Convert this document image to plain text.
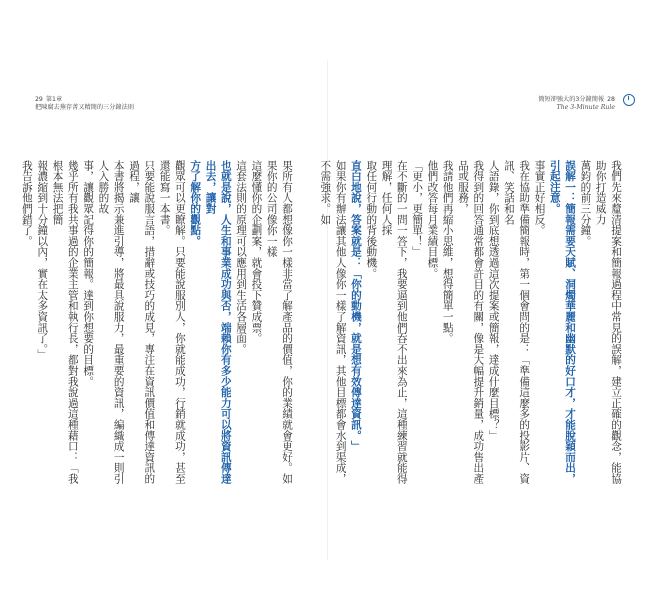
29 第1章
把陳腐去蕪存菁又精簡的三分鐘法則

果所有人都想像你一樣非當了解產品的價值，你的業績就會更好。如果你的公司像你一樣

這麼懂你的企劃案，就會投下贊成票。

這套法則的原理可以應用到生活各層面。

也就是說，人生和事業成功與否，端賴你有多少能力可以將資訊傳達出去，讓對

方了解你的觀點。

觀眾可以更瞭解。只要能說服別人，你就能成功，行銷就成功，甚至還能寫一本書。

只要能說服言語，措辭或技巧的成見，專注在資訊價值和傳達資訊的過程，讓

本書將揭示兼進引導，將最具說服力，最重要的資訊，編織成一則引人入勝的故

事，讓觀眾記得你的簡報。達到你想要的目標。

幾乎所有我共事過的企業主管和執行長，都對我說過這種藉口：「我根本無法把簡

報濃縮到十分鐘以內，實在太多資訊了。」

我告訴他們錯了。

簡短卻強大的3分鐘簡報 28
The 3-Minute Rule

我們先來釐清提案和簡報過程中常見的誤解，建立正確的觀念，能協助你打造威力

萬鈞的前三分鐘。

誤解一：簡報需要天賦、洞燭華麗和幽默的好口才，才能脫穎而出，引起注意。

事實正好相反。

我在協助準備簡報時，第一個會問的是：「準備這麼多的投影片、資訊、笑話和名

人語錄，你到底想透過這次提案或簡報，達成什麼目標？」

我得到的回答通常都會許目的有關，像是大幅提升銷量，成功售出產品或服務，

我請他們再縮小思維，想得簡單一點。

他們改答每月業績目標。

「更小，更簡單！」

在不斷的一問一答下，我要逼到他們吞不出來為止，這種練習就能得理解，任何人採

取任何行動的背後動機。

直白地說，答案就是：「你的動機，就是想有效傳達資訊。」

如果你有辦法讓其他人像你一樣了解資訊，其他目標都會水到渠成，不需強求。如
